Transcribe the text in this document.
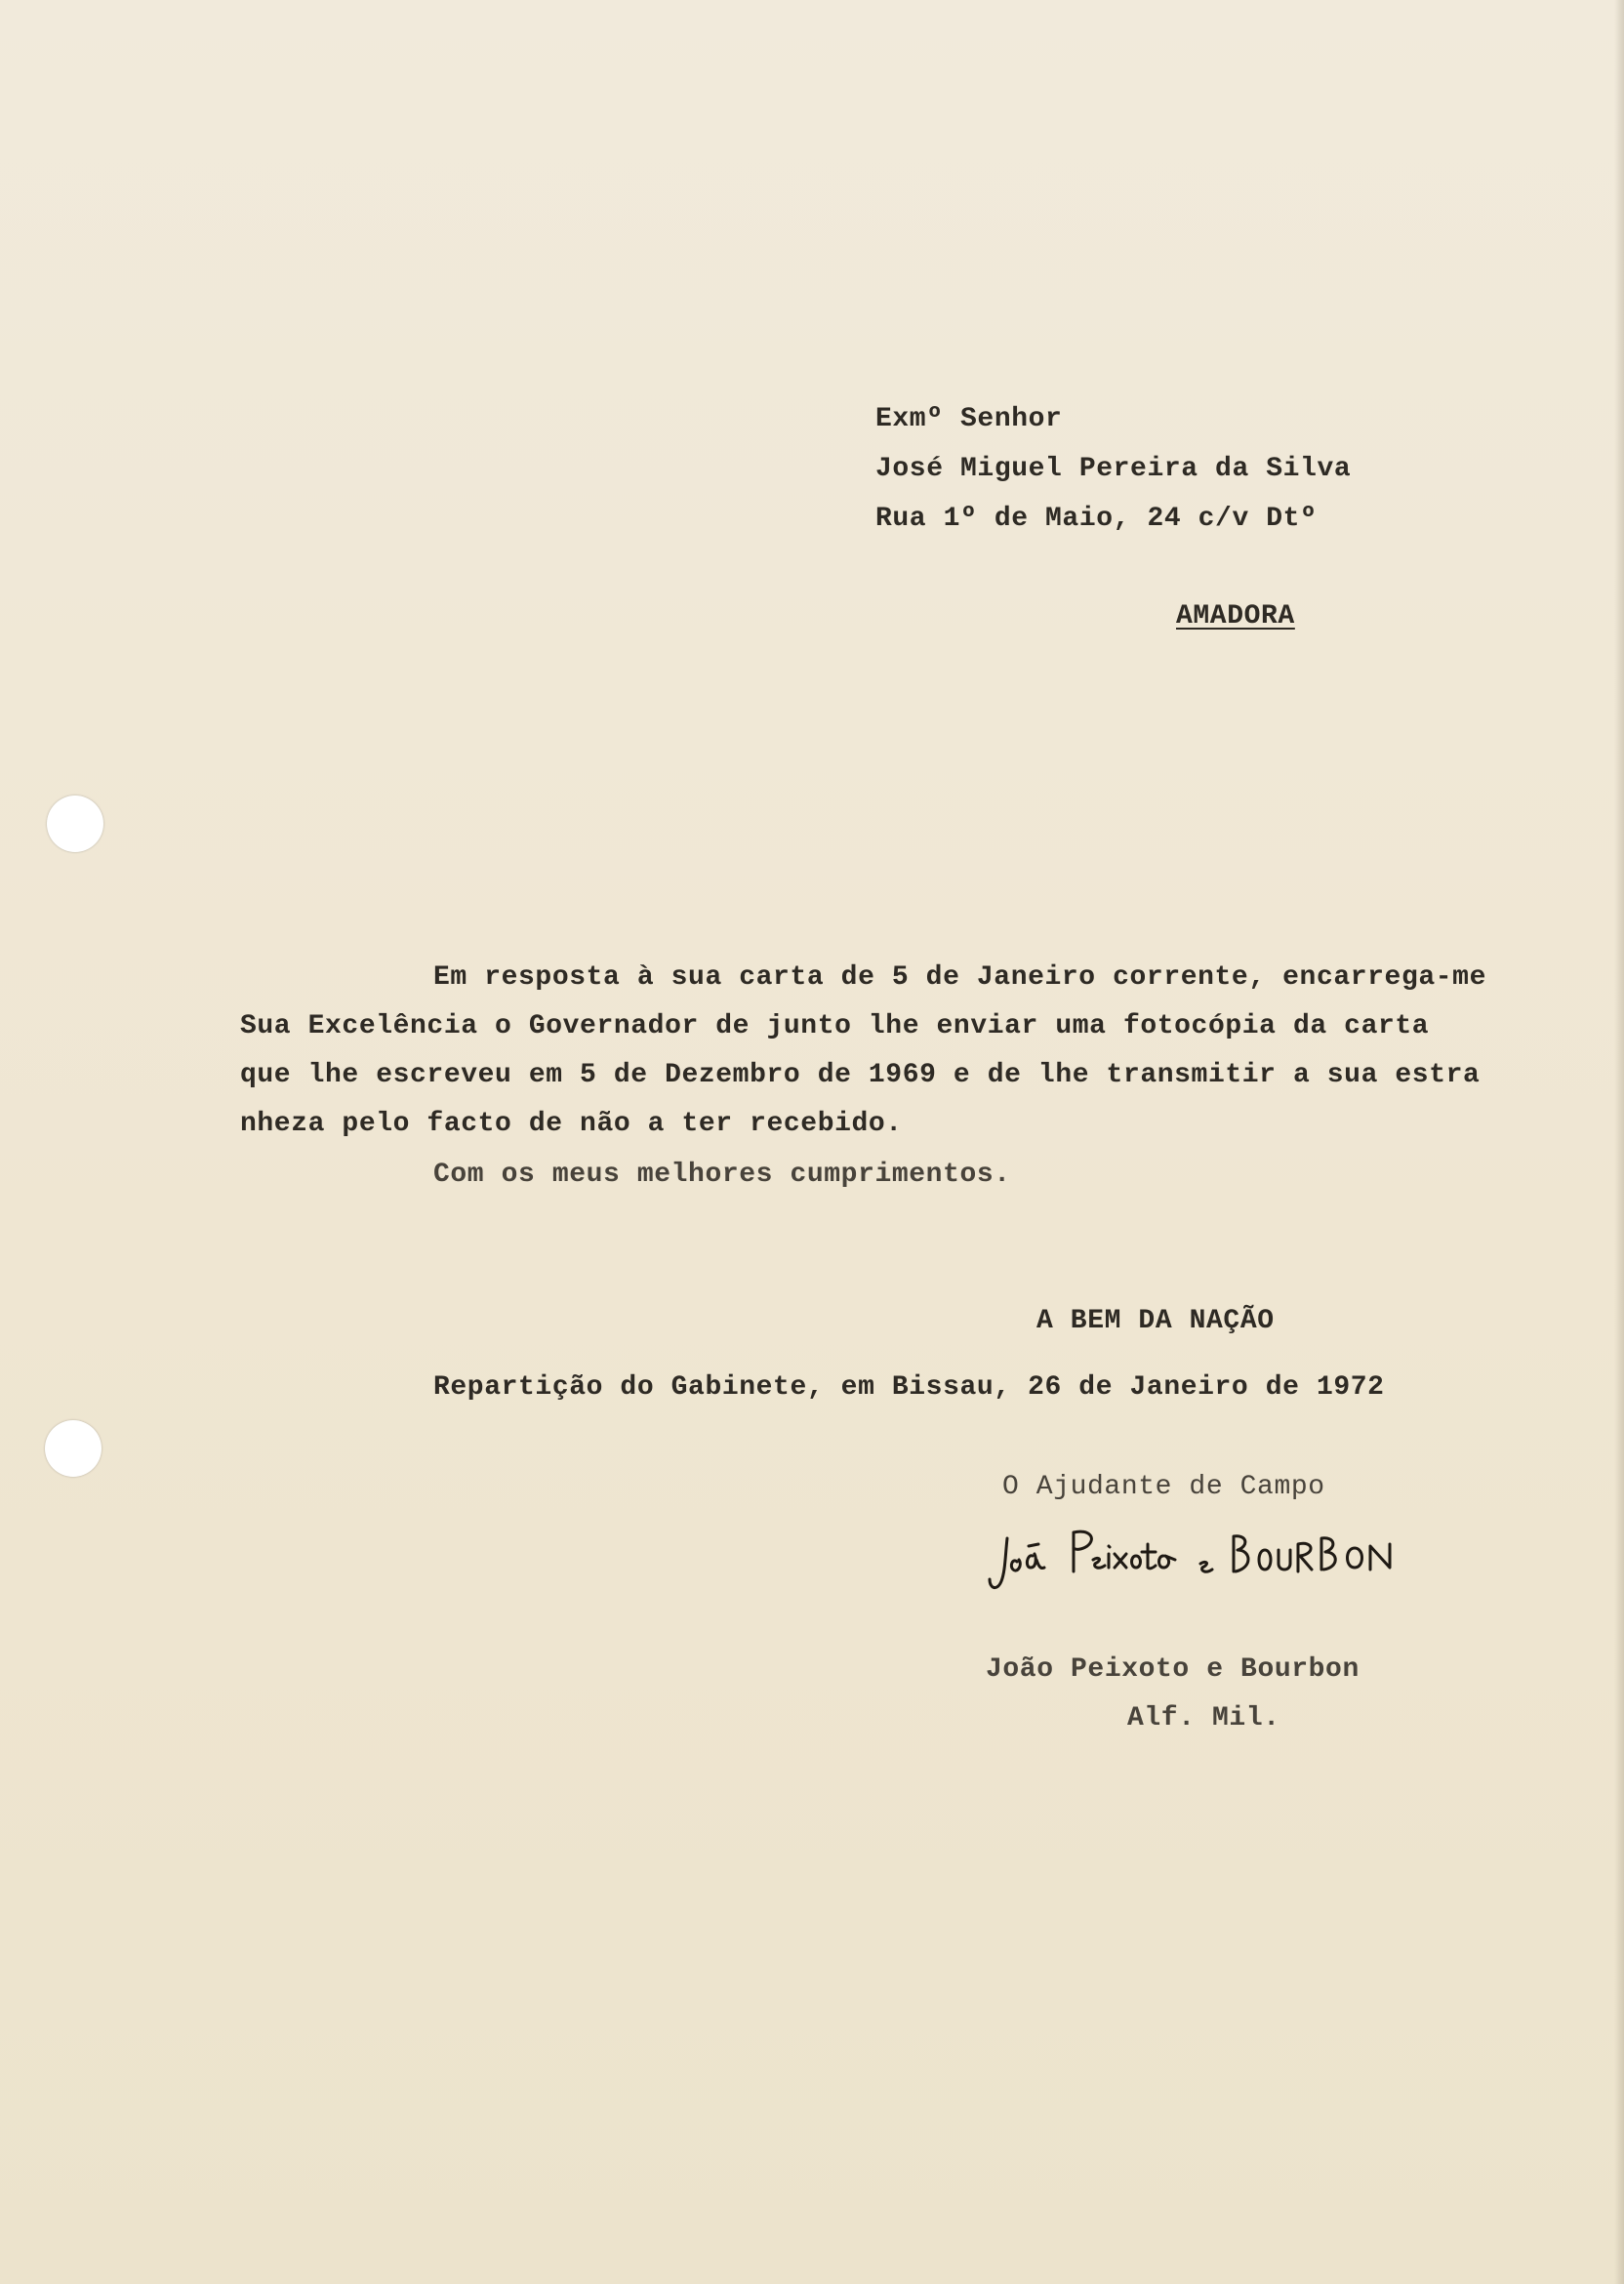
Exmº Senhor
José Miguel Pereira da Silva
Rua 1º de Maio, 24 c/v Dtº
AMADORA
Em resposta à sua carta de 5 de Janeiro corrente, encarrega-me
Sua Excelência o Governador de junto lhe enviar uma fotocópia da carta
que lhe escreveu em 5 de Dezembro de 1969 e de lhe transmitir a sua estra
nheza pelo facto de não a ter recebido.
Com os meus melhores cumprimentos.
A BEM DA NAÇÃO
Repartição do Gabinete, em Bissau, 26 de Janeiro de 1972
O Ajudante de Campo
João Peixoto e Bourbon
Alf. Mil.
